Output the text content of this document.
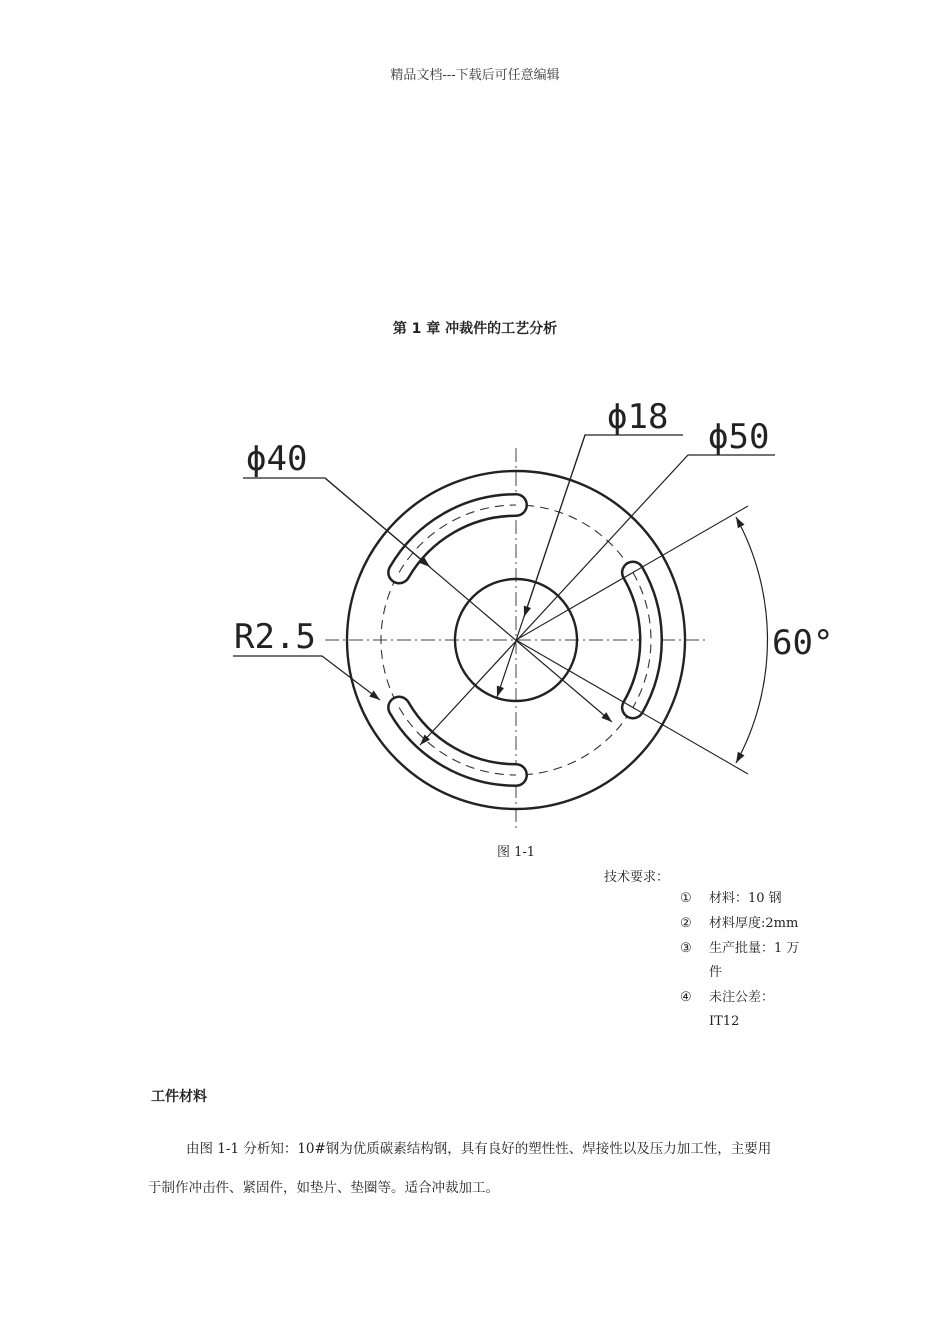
精品文档---下载后可任意编辑
第 1 章 冲裁件的工艺分析
ϕ18 ϕ50
ϕ40
R2.5	60°
图 1-1
技术要求：
① 材料：10 钢
② 材料厚度:2mm
③ 生产批量：1 万件
④ 未注公差：IT12
工件材料
由图 1-1 分析知：10#钢为优质碳素结构钢，具有良好的塑性性、焊接性以及压力加工性，主要用
于制作冲击件、紧固件，如垫片、垫圈等。适合冲裁加工。
